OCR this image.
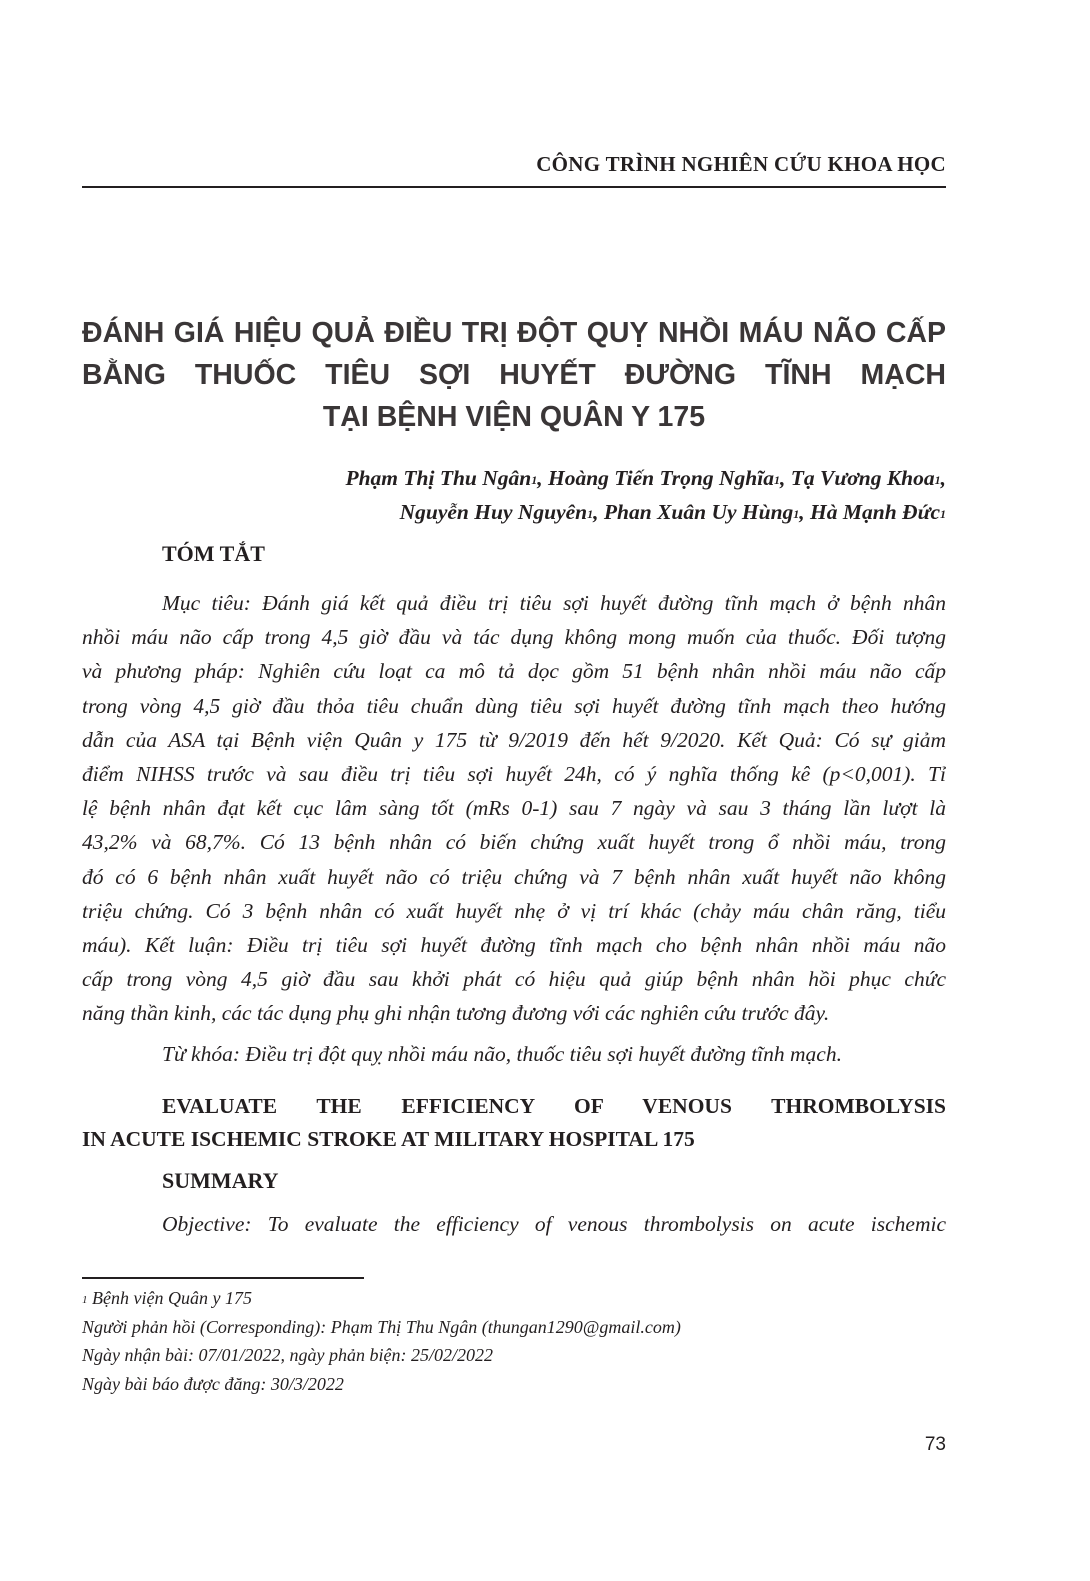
CÔNG TRÌNH NGHIÊN CỨU KHOA HỌC
ĐÁNH GIÁ HIỆU QUẢ ĐIỀU TRỊ ĐỘT QUỴ NHỒI MÁU NÃO CẤP
BẰNG THUỐC TIÊU SỢI HUYẾT ĐƯỜNG TĨNH MẠCH
TẠI BỆNH VIỆN QUÂN Y 175
Phạm Thị Thu Ngân$^1$, Hoàng Tiến Trọng Nghĩa$^1$, Tạ Vương Khoa$^1$,
Nguyễn Huy Nguyên$^1$, Phan Xuân Uy Hùng$^1$, Hà Mạnh Đức$^1$
TÓM TẮT
Mục tiêu: Đánh giá kết quả điều trị tiêu sợi huyết đường tĩnh mạch ở bệnh nhân
nhồi máu não cấp trong 4,5 giờ đầu và tác dụng không mong muốn của thuốc. Đối tượng
và phương pháp: Nghiên cứu loạt ca mô tả dọc gồm 51 bệnh nhân nhồi máu não cấp
trong vòng 4,5 giờ đầu thỏa tiêu chuẩn dùng tiêu sợi huyết đường tĩnh mạch theo hướng
dẫn của ASA tại Bệnh viện Quân y 175 từ 9/2019 đến hết 9/2020. Kết Quả: Có sự giảm
điểm NIHSS trước và sau điều trị tiêu sợi huyết 24h, có ý nghĩa thống kê (p<0,001). Tỉ
lệ bệnh nhân đạt kết cục lâm sàng tốt (mRs 0-1) sau 7 ngày và sau 3 tháng lần lượt là
43,2% và 68,7%. Có 13 bệnh nhân có biến chứng xuất huyết trong ổ nhồi máu, trong
đó có 6 bệnh nhân xuất huyết não có triệu chứng và 7 bệnh nhân xuất huyết não không
triệu chứng. Có 3 bệnh nhân có xuất huyết nhẹ ở vị trí khác (chảy máu chân răng, tiểu
máu). Kết luận: Điều trị tiêu sợi huyết đường tĩnh mạch cho bệnh nhân nhồi máu não
cấp trong vòng 4,5 giờ đầu sau khởi phát có hiệu quả giúp bệnh nhân hồi phục chức
năng thần kinh, các tác dụng phụ ghi nhận tương đương với các nghiên cứu trước đây.
Từ khóa: Điều trị đột quỵ nhồi máu não, thuốc tiêu sợi huyết đường tĩnh mạch.
EVALUATE THE EFFICIENCY OF VENOUS THROMBOLYSIS
IN ACUTE ISCHEMIC STROKE AT MILITARY HOSPITAL 175
SUMMARY
Objective: To evaluate the efficiency of venous thrombolysis on acute ischemic
$^1$ Bệnh viện Quân y 175
Người phản hồi (Corresponding): Phạm Thị Thu Ngân (thungan1290@gmail.com)
Ngày nhận bài: 07/01/2022, ngày phản biện: 25/02/2022
Ngày bài báo được đăng: 30/3/2022
73
